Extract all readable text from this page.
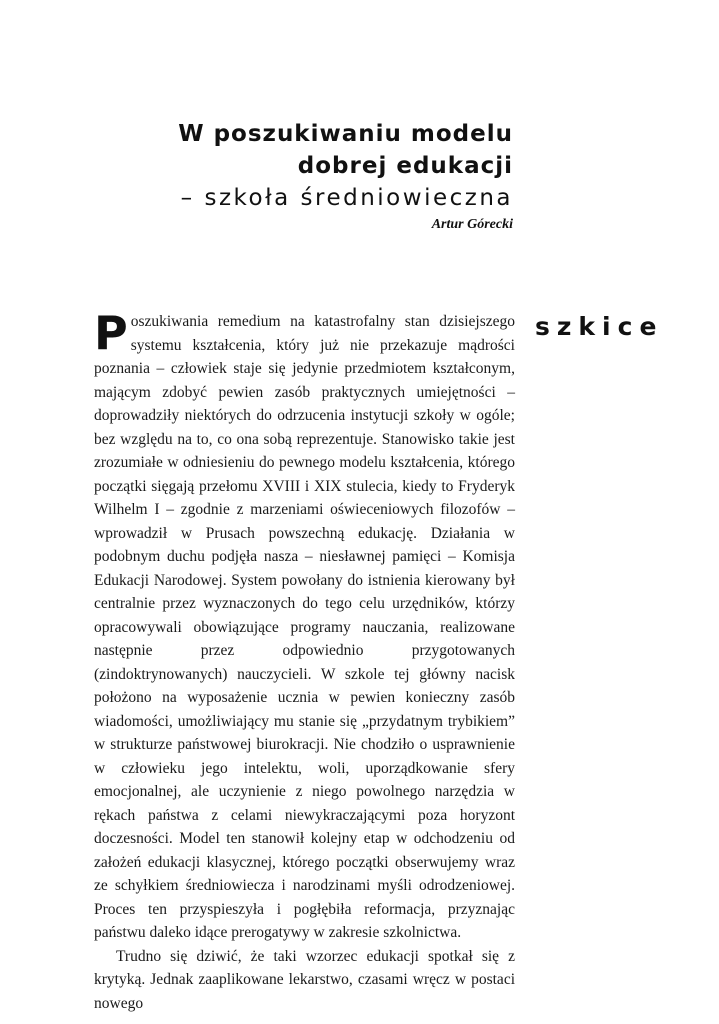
W poszukiwaniu modelu
dobrej edukacji
– szkoła średniowieczna
Artur Górecki
szkice

Poszukiwania remedium na katastrofalny stan dzisiejszego systemu kształcenia, który już nie przekazuje mądrości poznania – człowiek staje się jedynie przedmiotem kształconym, mającym zdobyć pewien zasób praktycznych umiejętności – doprowadziły niektórych do odrzucenia instytucji szkoły w ogóle; bez względu na to, co ona sobą reprezentuje. Stanowisko takie jest zrozumiałe w odniesieniu do pewnego modelu kształcenia, którego początki sięgają przełomu XVIII i XIX stulecia, kiedy to Fryderyk Wilhelm I – zgodnie z marzeniami oświeceniowych filozofów – wprowadził w Prusach powszechną edukację. Działania w podobnym duchu podjęła nasza – niesławnej pamięci – Komisja Edukacji Narodowej. System powołany do istnienia kierowany był centralnie przez wyznaczonych do tego celu urzędników, którzy opracowywali obowiązujące programy nauczania, realizowane następnie przez odpowiednio przygotowanych (zindoktrynowanych) nauczycieli. W szkole tej główny nacisk położono na wyposażenie ucznia w pewien konieczny zasób wiadomości, umożliwiający mu stanie się „przydatnym trybikiem” w strukturze państwowej biurokracji. Nie chodziło o usprawnienie w człowieku jego intelektu, woli, uporządkowanie sfery emocjonalnej, ale uczynienie z niego powolnego narzędzia w rękach państwa z celami niewykraczającymi poza horyzont doczesności. Model ten stanowił kolejny etap w odchodzeniu od założeń edukacji klasycznej, którego początki obserwujemy wraz ze schyłkiem średniowiecza i narodzinami myśli odrodzeniowej. Proces ten przyspieszyła i pogłębiła reformacja, przyznając państwu daleko idące prerogatywy w zakresie szkolnictwa.

Trudno się dziwić, że taki wzorzec edukacji spotkał się z krytyką. Jednak zaaplikowane lekarstwo, czasami wręcz w postaci nowego
